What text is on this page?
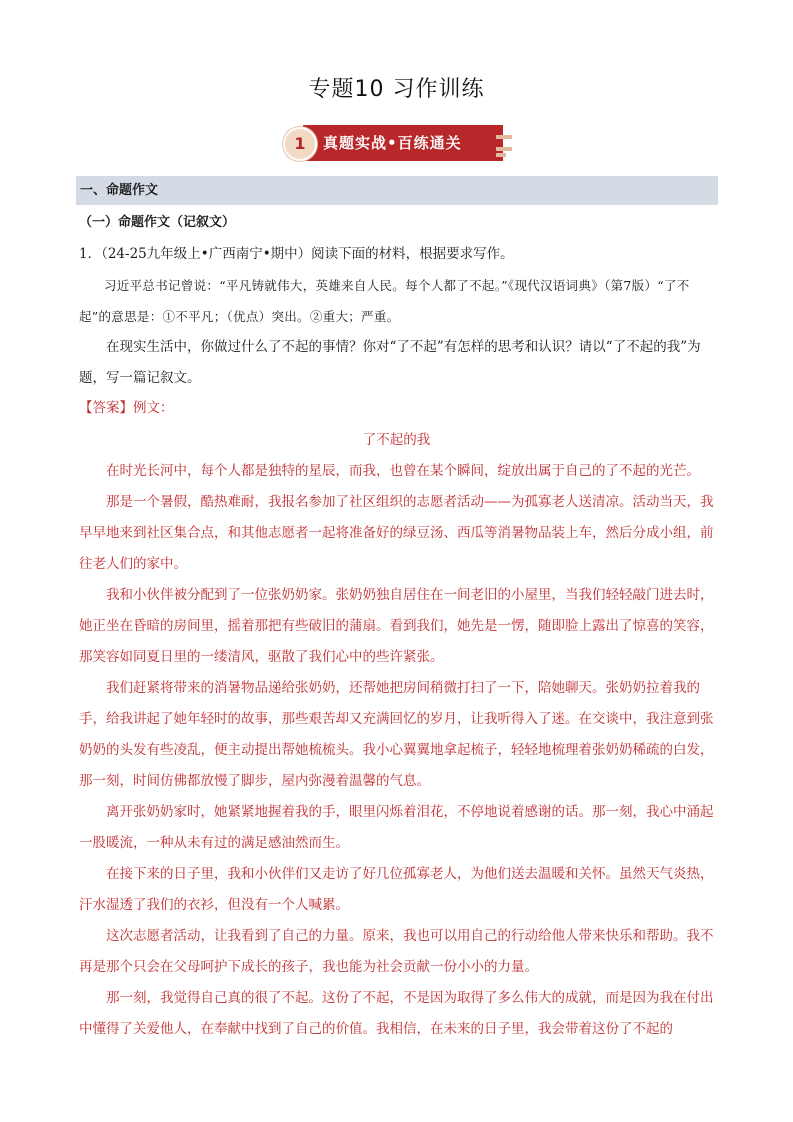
专题10 习作训练
1	真题实战•百练通关
一、命题作文
（一）命题作文（记叙文）
1．（24-25九年级上•广西南宁•期中）阅读下面的材料，根据要求写作。
习近平总书记曾说：“平凡铸就伟大，英雄来自人民。每个人都了不起。”《现代汉语词典》（第7版）“了不起”的意思是：①不平凡；（优点）突出。②重大；严重。
在现实生活中，你做过什么了不起的事情？你对“了不起”有怎样的思考和认识？请以“了不起的我”为题，写一篇记叙文。
【答案】例文：
了不起的我

在时光长河中，每个人都是独特的星辰，而我，也曾在某个瞬间，绽放出属于自己的了不起的光芒。

那是一个暑假，酷热难耐，我报名参加了社区组织的志愿者活动——为孤寡老人送清凉。活动当天，我早早地来到社区集合点，和其他志愿者一起将准备好的绿豆汤、西瓜等消暑物品装上车，然后分成小组，前往老人们的家中。

我和小伙伴被分配到了一位张奶奶家。张奶奶独自居住在一间老旧的小屋里，当我们轻轻敲门进去时，她正坐在昏暗的房间里，摇着那把有些破旧的蒲扇。看到我们，她先是一愣，随即脸上露出了惊喜的笑容，那笑容如同夏日里的一缕清风，驱散了我们心中的些许紧张。

我们赶紧将带来的消暑物品递给张奶奶，还帮她把房间稍微打扫了一下，陪她聊天。张奶奶拉着我的手，给我讲起了她年轻时的故事，那些艰苦却又充满回忆的岁月，让我听得入了迷。在交谈中，我注意到张奶奶的头发有些凌乱，便主动提出帮她梳梳头。我小心翼翼地拿起梳子，轻轻地梳理着张奶奶稀疏的白发，那一刻，时间仿佛都放慢了脚步，屋内弥漫着温馨的气息。

离开张奶奶家时，她紧紧地握着我的手，眼里闪烁着泪花，不停地说着感谢的话。那一刻，我心中涌起一股暖流，一种从未有过的满足感油然而生。

在接下来的日子里，我和小伙伴们又走访了好几位孤寡老人，为他们送去温暖和关怀。虽然天气炎热，汗水湿透了我们的衣衫，但没有一个人喊累。

这次志愿者活动，让我看到了自己的力量。原来，我也可以用自己的行动给他人带来快乐和帮助。我不再是那个只会在父母呵护下成长的孩子，我也能为社会贡献一份小小的力量。

那一刻，我觉得自己真的很了不起。这份了不起，不是因为取得了多么伟大的成就，而是因为我在付出中懂得了关爱他人，在奉献中找到了自己的价值。我相信，在未来的日子里，我会带着这份了不起的
